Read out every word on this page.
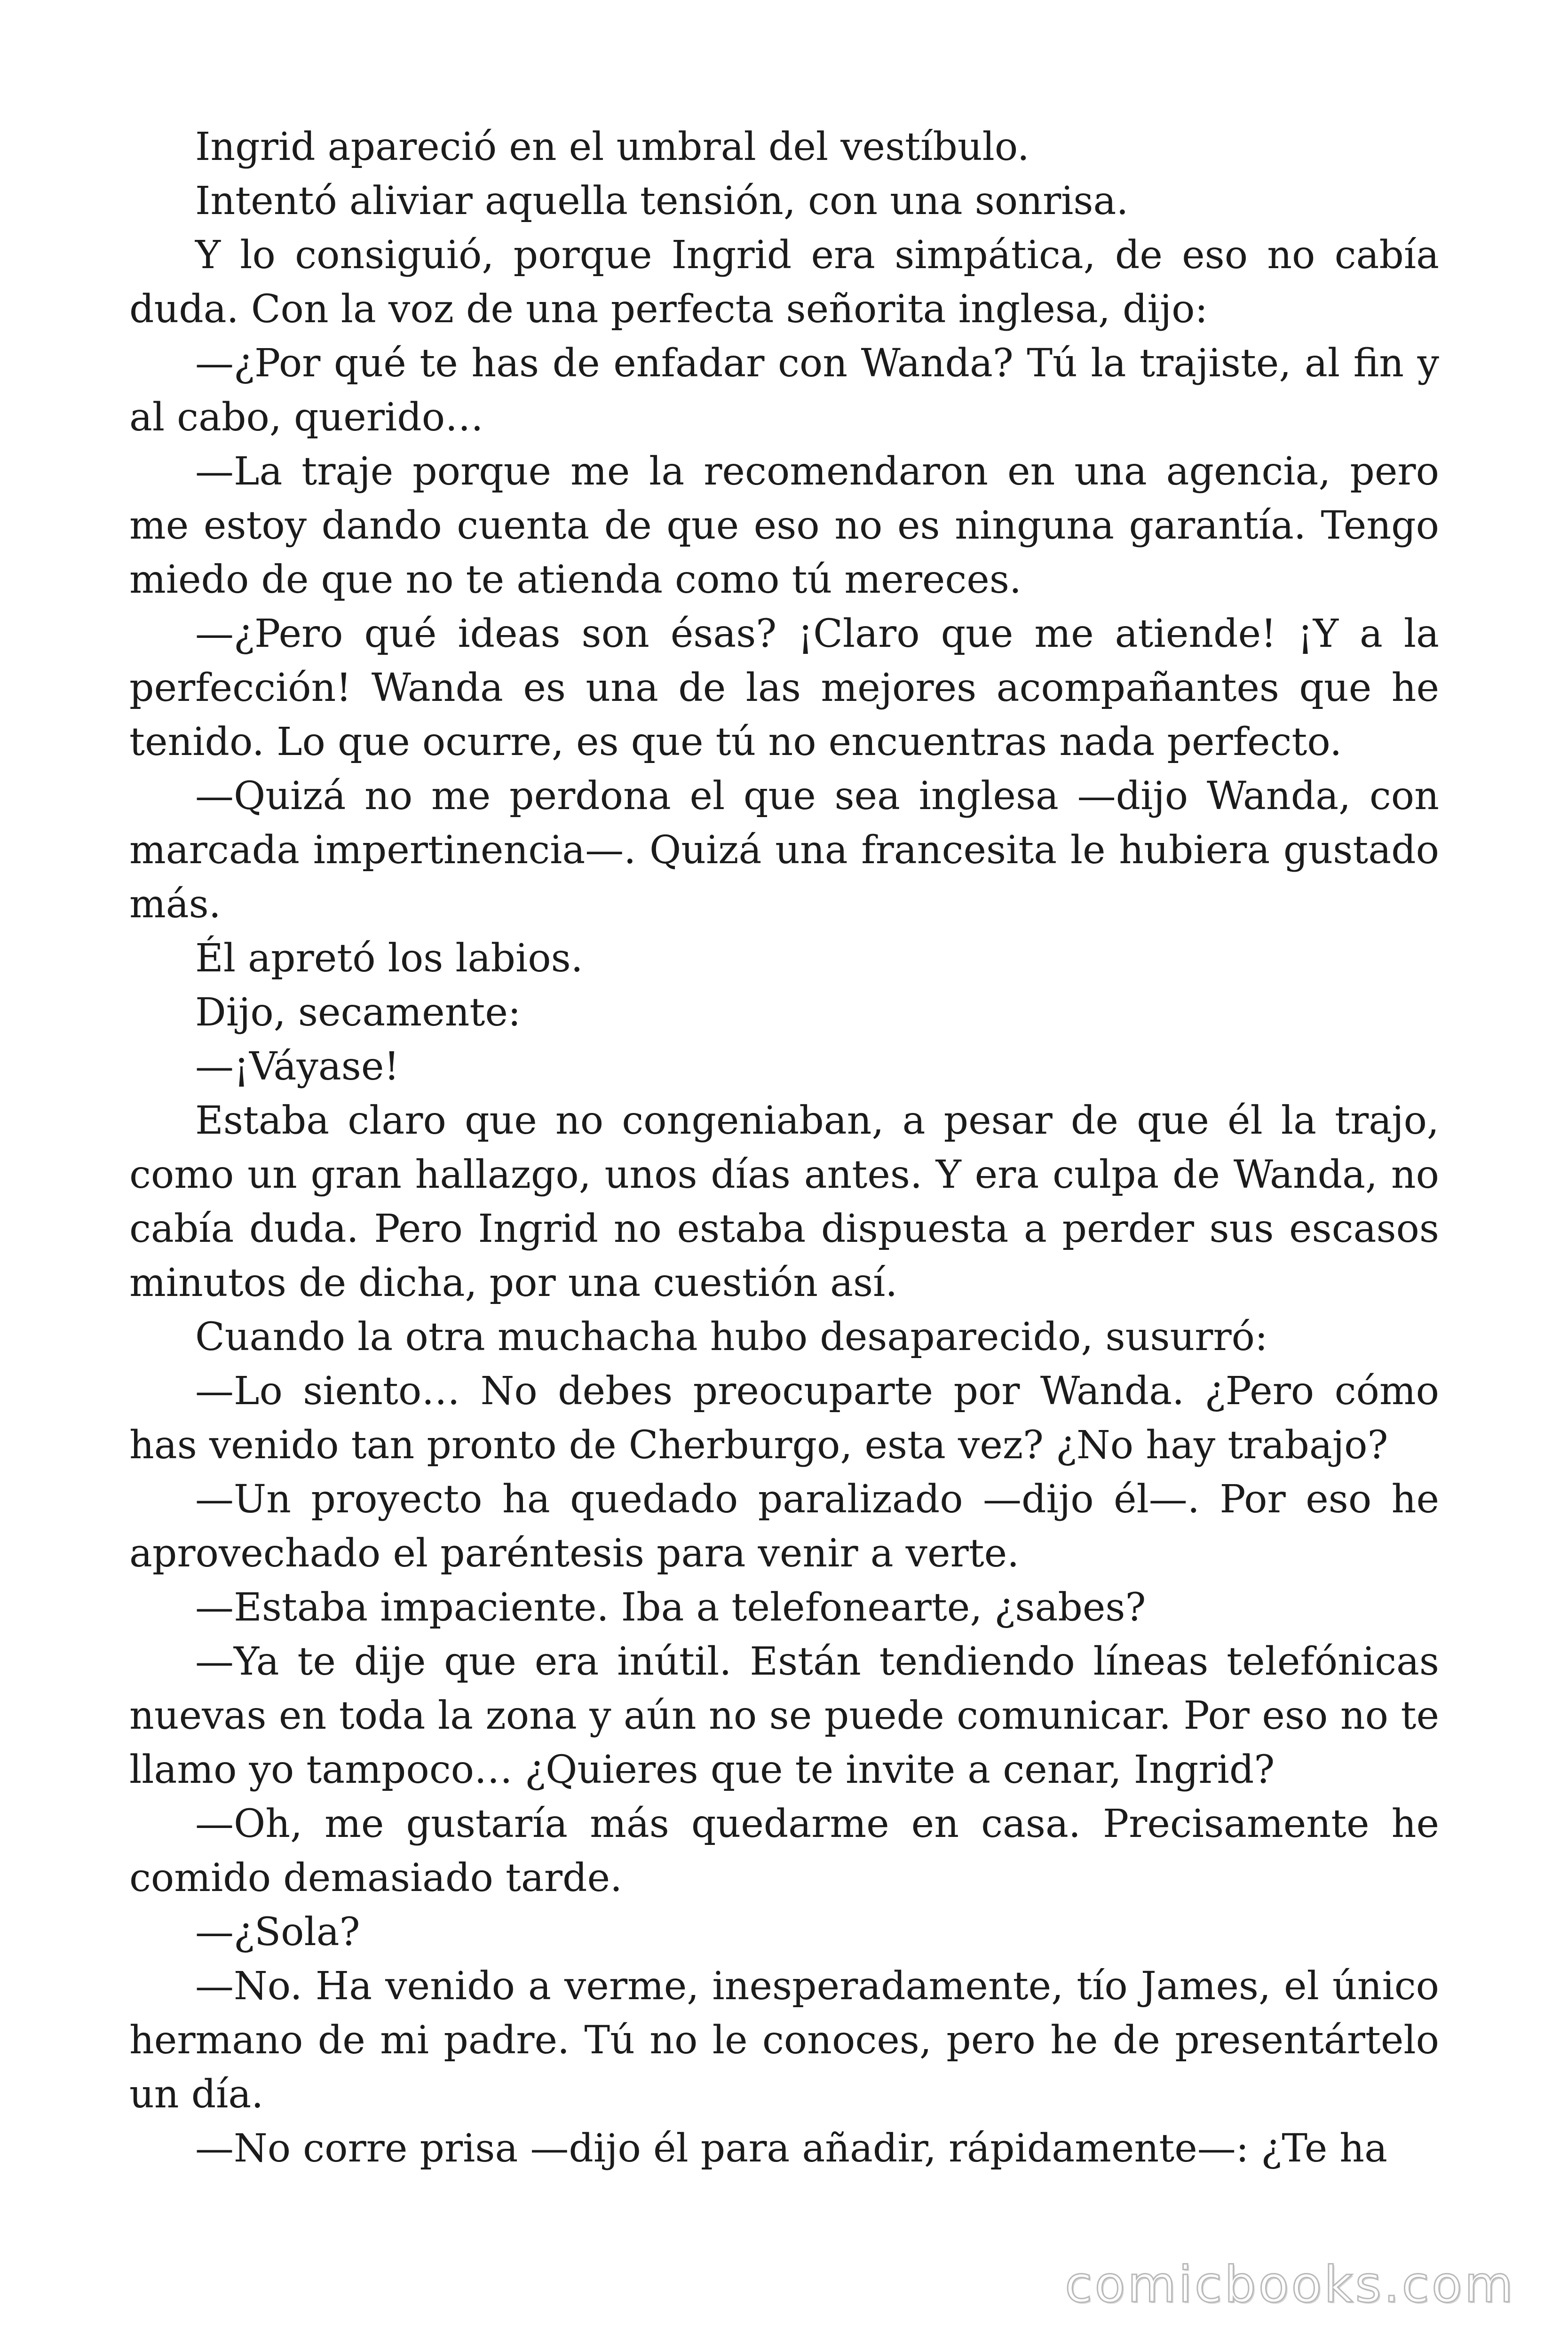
Ingrid apareció en el umbral del vestíbulo.

Intentó aliviar aquella tensión, con una sonrisa.

Y lo consiguió, porque Ingrid era simpática, de eso no cabía duda. Con la voz de una perfecta señorita inglesa, dijo:

—¿Por qué te has de enfadar con Wanda? Tú la trajiste, al fin y al cabo, querido…

—La traje porque me la recomendaron en una agencia, pero me estoy dando cuenta de que eso no es ninguna garantía. Tengo miedo de que no te atienda como tú mereces.

—¿Pero qué ideas son ésas? ¡Claro que me atiende! ¡Y a la perfección! Wanda es una de las mejores acompañantes que he tenido. Lo que ocurre, es que tú no encuentras nada perfecto.

—Quizá no me perdona el que sea inglesa —dijo Wanda, con marcada impertinencia—. Quizá una francesita le hubiera gustado más.

Él apretó los labios.

Dijo, secamente:

—¡Váyase!

Estaba claro que no congeniaban, a pesar de que él la trajo, como un gran hallazgo, unos días antes. Y era culpa de Wanda, no cabía duda. Pero Ingrid no estaba dispuesta a perder sus escasos minutos de dicha, por una cuestión así.

Cuando la otra muchacha hubo desaparecido, susurró:

—Lo siento… No debes preocuparte por Wanda. ¿Pero cómo has venido tan pronto de Cherburgo, esta vez? ¿No hay trabajo?

—Un proyecto ha quedado paralizado —dijo él—. Por eso he aprovechado el paréntesis para venir a verte.

—Estaba impaciente. Iba a telefonearte, ¿sabes?

—Ya te dije que era inútil. Están tendiendo líneas telefónicas nuevas en toda la zona y aún no se puede comunicar. Por eso no te llamo yo tampoco… ¿Quieres que te invite a cenar, Ingrid?

—Oh, me gustaría más quedarme en casa. Precisamente he comido demasiado tarde.

—¿Sola?

—No. Ha venido a verme, inesperadamente, tío James, el único hermano de mi padre. Tú no le conoces, pero he de presentártelo un día.

—No corre prisa —dijo él para añadir, rápidamente—: ¿Te ha

comicbooks.com
